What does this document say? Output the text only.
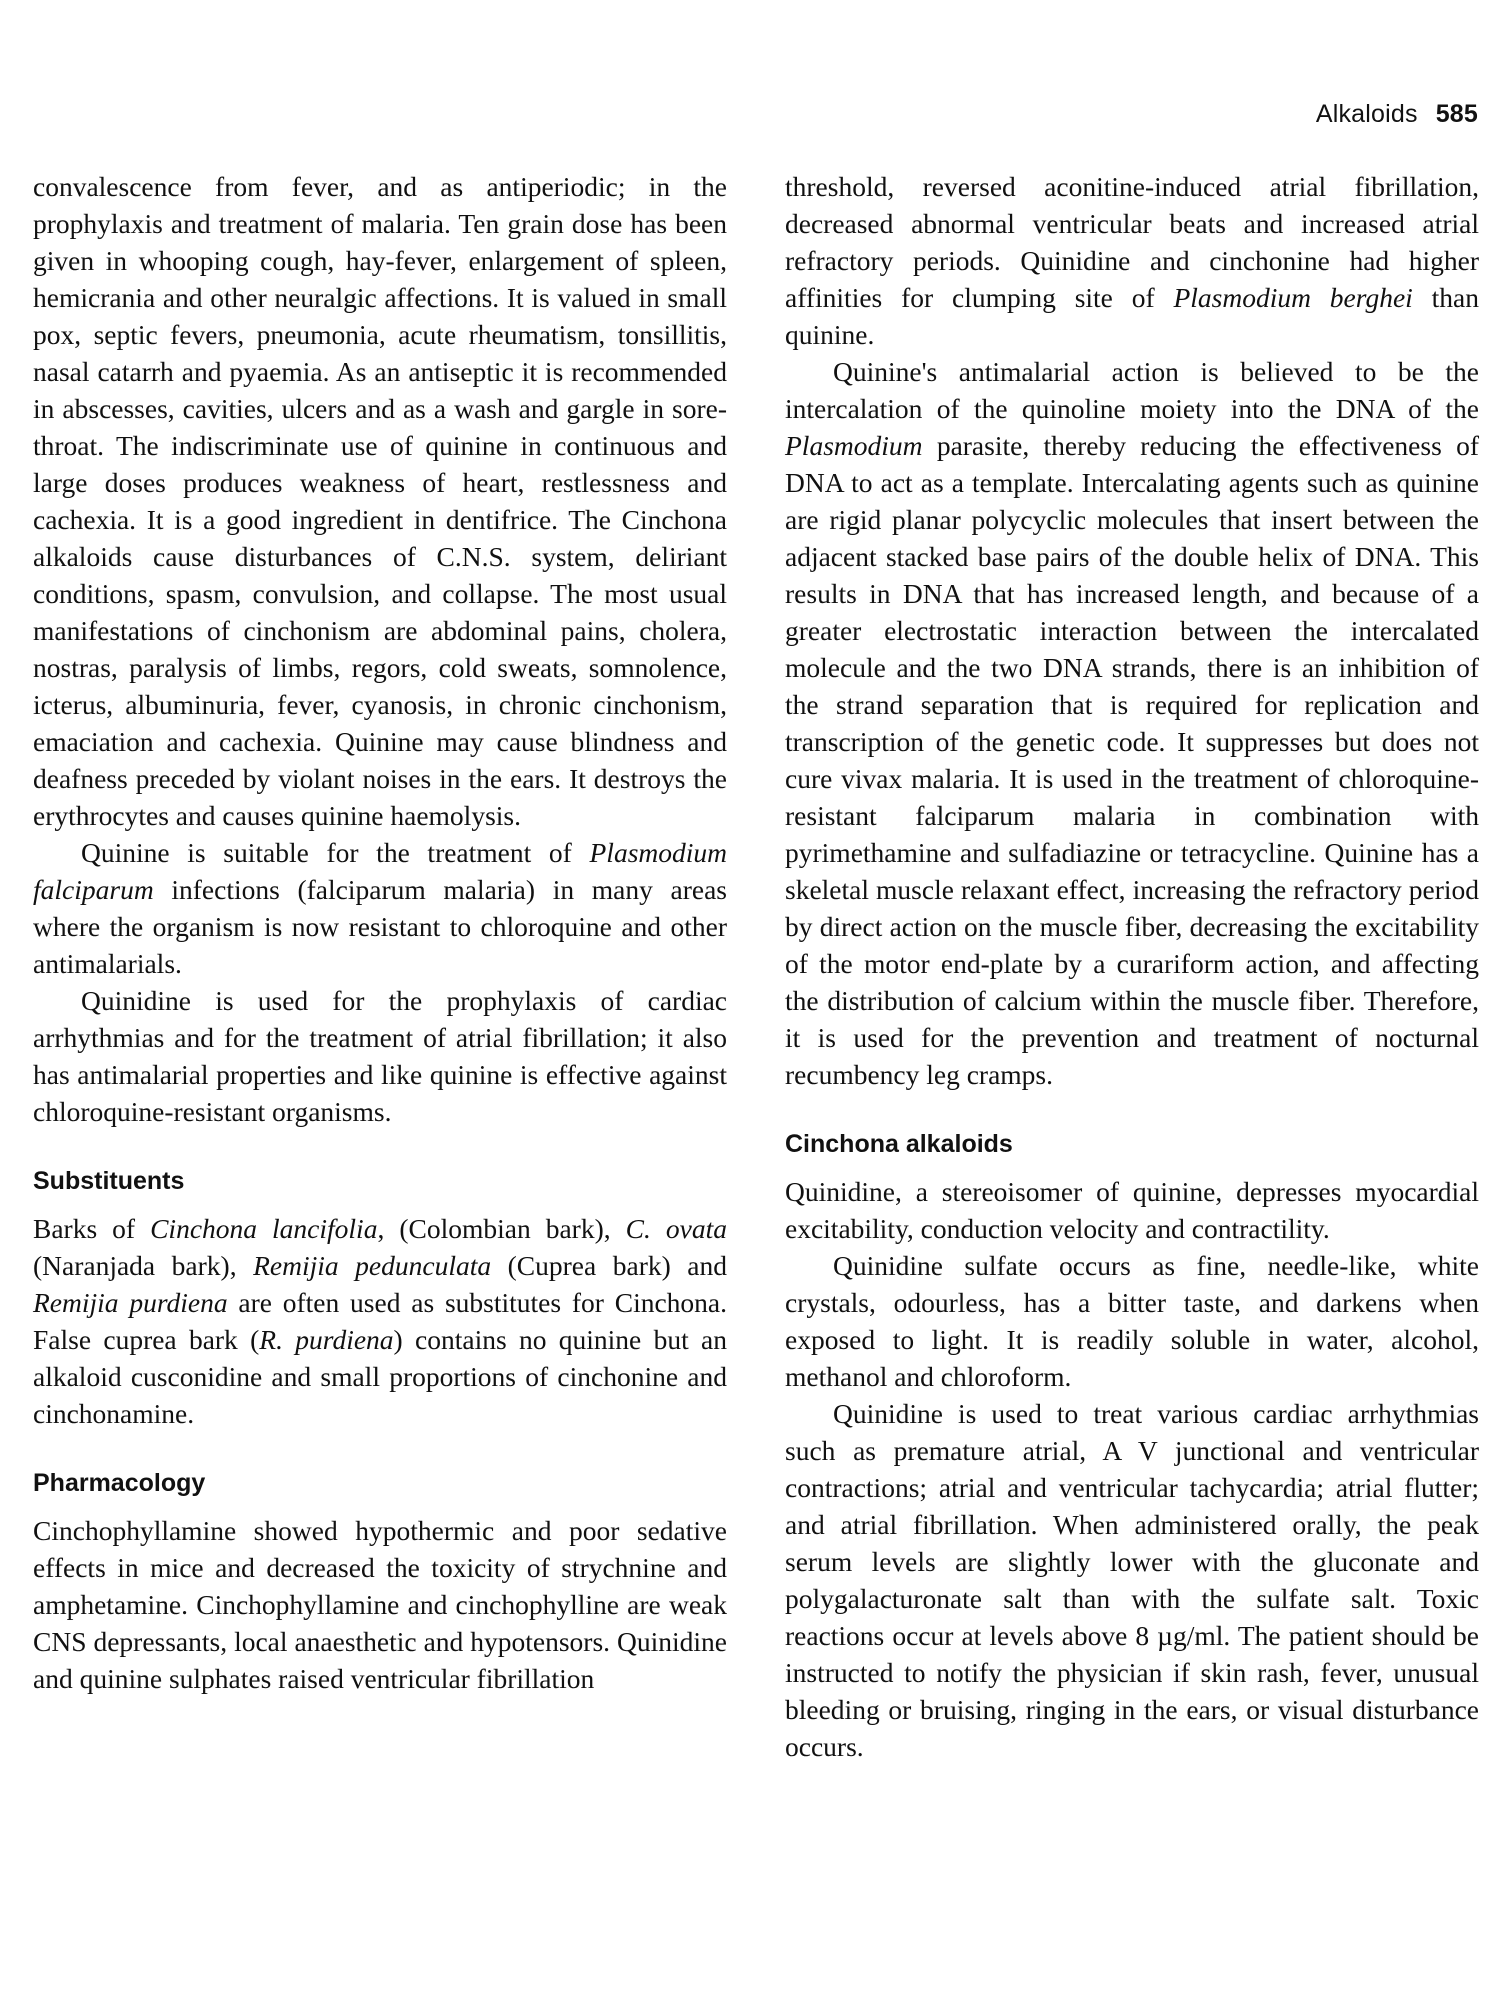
Alkaloids 585

convalescence from fever, and as antiperiodic; in the prophylaxis and treatment of malaria. Ten grain dose has been given in whooping cough, hay-fever, enlargement of spleen, hemicrania and other neuralgic affections. It is valued in small pox, septic fevers, pneumonia, acute rheumatism, tonsillitis, nasal catarrh and pyaemia. As an antiseptic it is recommended in abscesses, cavities, ulcers and as a wash and gargle in sore-throat. The indiscriminate use of quinine in continuous and large doses produces weakness of heart, restlessness and cachexia. It is a good ingredient in dentifrice. The Cinchona alkaloids cause disturbances of C.N.S. system, deliriant conditions, spasm, convulsion, and collapse. The most usual manifestations of cinchonism are abdominal pains, cholera, nostras, paralysis of limbs, regors, cold sweats, somnolence, icterus, albuminuria, fever, cyanosis, in chronic cinchonism, emaciation and cachexia. Quinine may cause blindness and deafness preceded by violant noises in the ears. It destroys the erythrocytes and causes quinine haemolysis.

Quinine is suitable for the treatment of Plasmodium falciparum infections (falciparum malaria) in many areas where the organism is now resistant to chloroquine and other antimalarials.

Quinidine is used for the prophylaxis of cardiac arrhythmias and for the treatment of atrial fibrillation; it also has antimalarial properties and like quinine is effective against chloroquine-resistant organisms.

Substituents

Barks of Cinchona lancifolia, (Colombian bark), C. ovata (Naranjada bark), Remijia pedunculata (Cuprea bark) and Remijia purdiena are often used as substitutes for Cinchona. False cuprea bark (R. purdiena) contains no quinine but an alkaloid cusconidine and small proportions of cinchonine and cinchonamine.

Pharmacology

Cinchophyllamine showed hypothermic and poor sedative effects in mice and decreased the toxicity of strychnine and amphetamine. Cinchophyllamine and cinchophylline are weak CNS depressants, local anaesthetic and hypotensors. Quinidine and quinine sulphates raised ventricular fibrillation

threshold, reversed aconitine-induced atrial fibrillation, decreased abnormal ventricular beats and increased atrial refractory periods. Quinidine and cinchonine had higher affinities for clumping site of Plasmodium berghei than quinine.

Quinine's antimalarial action is believed to be the intercalation of the quinoline moiety into the DNA of the Plasmodium parasite, thereby reducing the effectiveness of DNA to act as a template. Intercalating agents such as quinine are rigid planar polycyclic molecules that insert between the adjacent stacked base pairs of the double helix of DNA. This results in DNA that has increased length, and because of a greater electrostatic interaction between the intercalated molecule and the two DNA strands, there is an inhibition of the strand separation that is required for replication and transcription of the genetic code. It suppresses but does not cure vivax malaria. It is used in the treatment of chloroquine-resistant falciparum malaria in combination with pyrimethamine and sulfadiazine or tetracycline. Quinine has a skeletal muscle relaxant effect, increasing the refractory period by direct action on the muscle fiber, decreasing the excitability of the motor end-plate by a curariform action, and affecting the distribution of calcium within the muscle fiber. Therefore, it is used for the prevention and treatment of nocturnal recumbency leg cramps.

Cinchona alkaloids

Quinidine, a stereoisomer of quinine, depresses myocardial excitability, conduction velocity and contractility.

Quinidine sulfate occurs as fine, needle-like, white crystals, odourless, has a bitter taste, and darkens when exposed to light. It is readily soluble in water, alcohol, methanol and chloroform.

Quinidine is used to treat various cardiac arrhythmias such as premature atrial, A V junctional and ventricular contractions; atrial and ventricular tachycardia; atrial flutter; and atrial fibrillation. When administered orally, the peak serum levels are slightly lower with the gluconate and polygalacturonate salt than with the sulfate salt. Toxic reactions occur at levels above 8 µg/ml. The patient should be instructed to notify the physician if skin rash, fever, unusual bleeding or bruising, ringing in the ears, or visual disturbance occurs.
